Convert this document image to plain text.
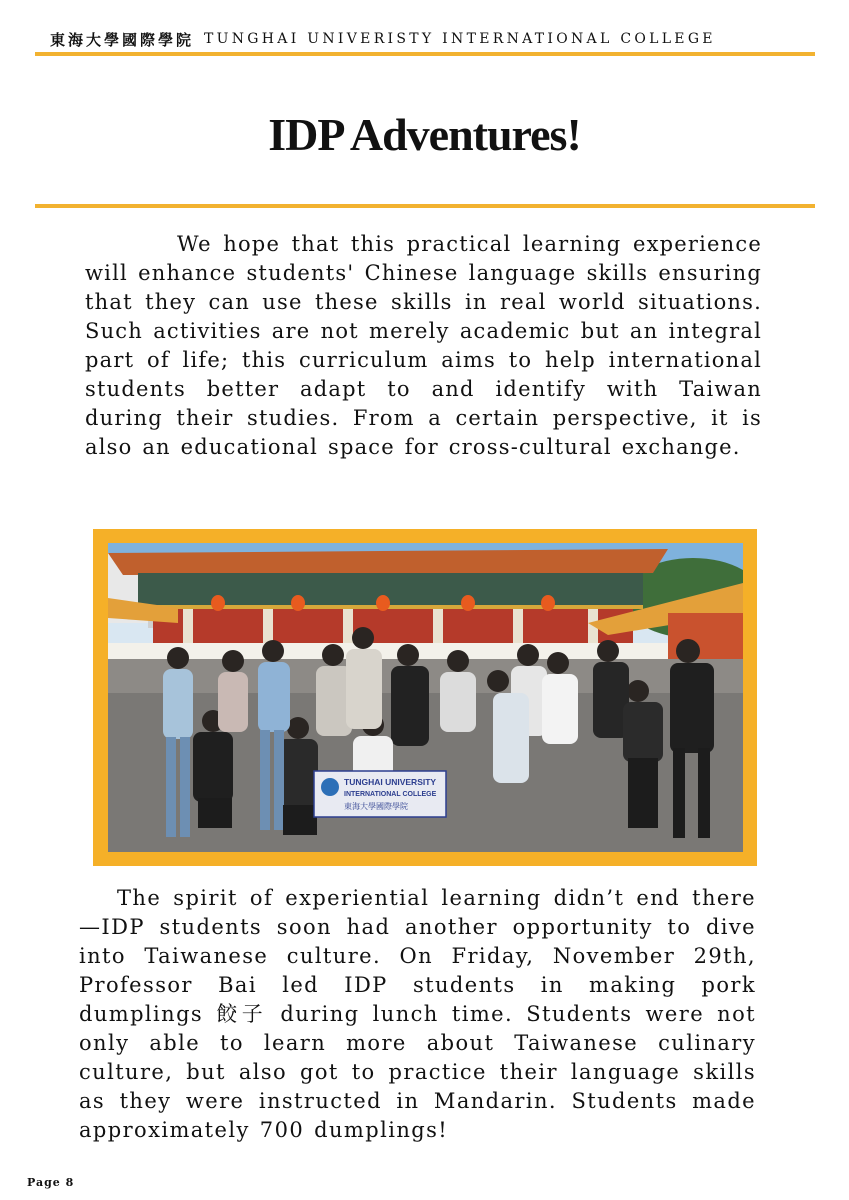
東海大學國際學院 TUNGHAI UNIVERISTY INTERNATIONAL COLLEGE
IDP Adventures!

We hope that this practical learning experience will enhance students' Chinese language skills ensuring that they can use these skills in real world situations. Such activities are not merely academic but an integral part of life; this curriculum aims to help international students better adapt to and identify with Taiwan during their studies. From a certain perspective, it is also an educational space for cross-cultural exchange.

TUNGHAI UNIVERSITY
INTERNATIONAL COLLEGE
東海大學國際學院

The spirit of experiential learning didn’t end there—IDP students soon had another opportunity to dive into Taiwanese culture. On Friday, November 29th, Professor Bai led IDP students in making pork dumplings 餃子 during lunch time. Students were not only able to learn more about Taiwanese culinary culture, but also got to practice their language skills as they were instructed in Mandarin. Students made approximately 700 dumplings!

Page 8
